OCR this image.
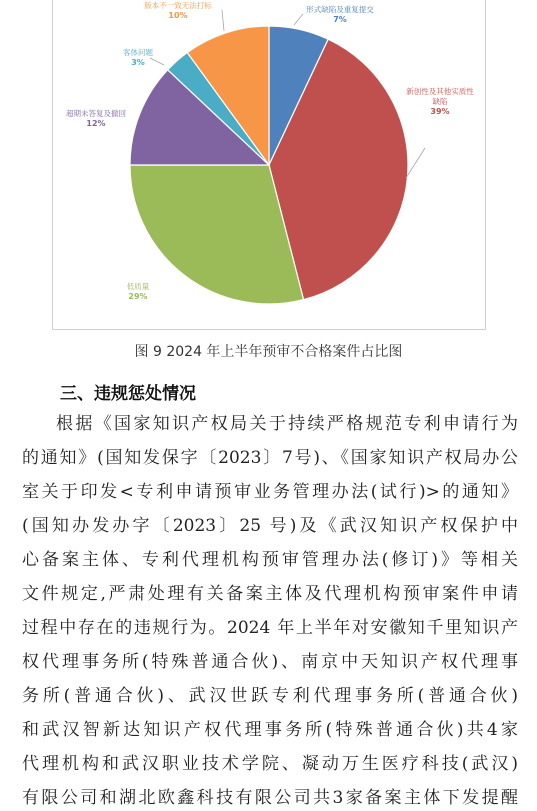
形式缺陷及重复提交
7%
新创性及其他实质性
缺陷
39%
低质量
29%
超期未答复及撤回
12%
客体问题
3%
版本不一致无法打标
10%
图 9 2024 年上半年预审不合格案件占比图
三、违规惩处情况
根据《国家知识产权局关于持续严格规范专利申请行为
的通知》(国知发保字〔2023〕7号)、《国家知识产权局办公
室关于印发<专利申请预审业务管理办法(试行)>的通知》
(国知办发办字〔2023〕25 号)及《武汉知识产权保护中
心备案主体、专利代理机构预审管理办法(修订)》等相关
文件规定,严肃处理有关备案主体及代理机构预审案件申请
过程中存在的违规行为。2024 年上半年对安徽知千里知识产
权代理事务所(特殊普通合伙)、南京中天知识产权代理事
务所(普通合伙)、武汉世跃专利代理事务所(普通合伙)
和武汉智新达知识产权代理事务所(特殊普通合伙)共4家
代理机构和武汉职业技术学院、凝动万生医疗科技(武汉)
有限公司和湖北欧鑫科技有限公司共3家备案主体下发提醒
